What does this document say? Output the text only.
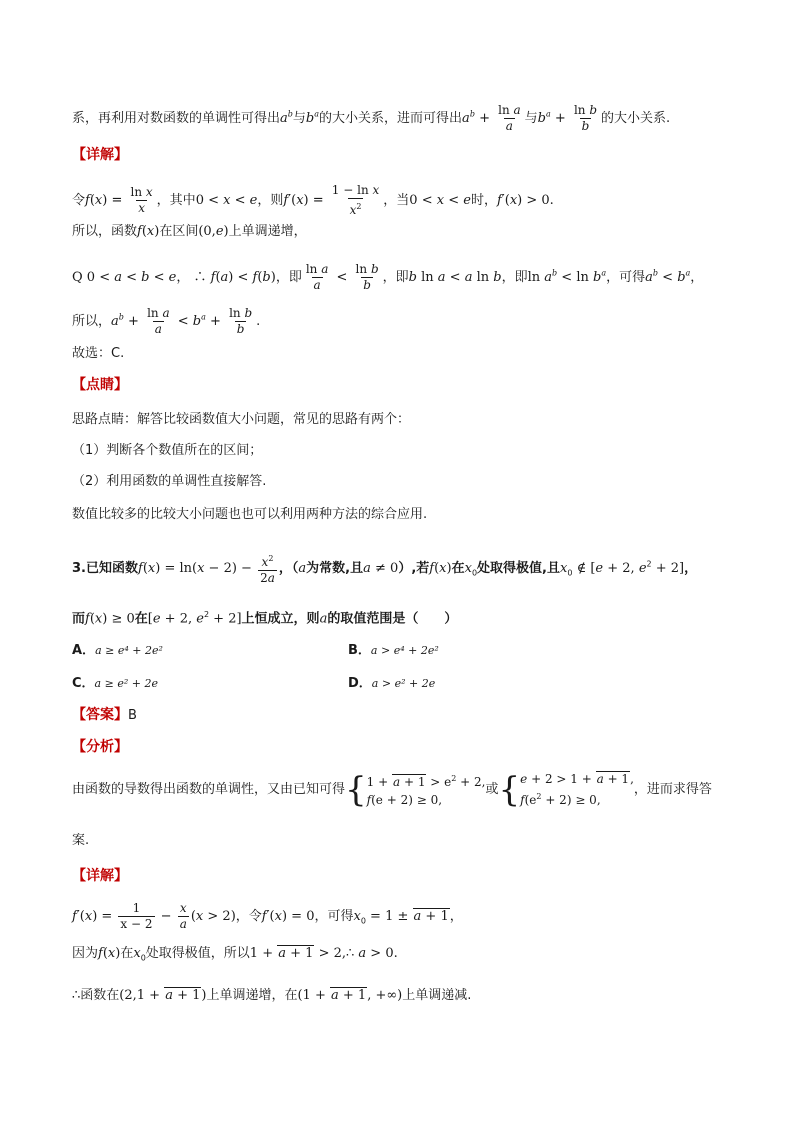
系，再利用对数函数的单调性可得出$a^b$与$b^a$的大小关系，进而可得出$a^b + \frac{\text{ln a}}{a}$ 与$b^a + \frac{\text{ln b}}{b}$ 的大小关系.
【详解】
令$f(x) = \frac{\text{ln x}}{x}$ ，其中0 < x < e，则$f'(x) = \frac{\text{1 − ln x}}{x^2}$ ，当0 < x < e时，f′(x) > 0.
所以，函数f(x)在区间(0,e)上单调递增，
Q 0 < a < b < e， ∴ f(a) < f(b)，即 $\frac{\text{ln a}}{a} < \frac{\text{ln b}}{b}$ ，即b ln a < a ln b，即$\ln a^b < \ln b^a$，可得$a^b < b^a$，
所以，$a^b + \frac{\text{ln a}}{a} < b^a + \frac{\text{ln b}}{b}$ .
故选：C.
【点睛】
思路点睛：解答比较函数值大小问题，常见的思路有两个：
（1）判断各个数值所在的区间；
（2）利用函数的单调性直接解答.
数值比较多的比较大小问题也也可以利用两种方法的综合应用.
3.已知函数$f(x) = \ln(x - 2) - \frac{x^2}{2a}$ ，（a为常数,且a ≠ 0）,若f(x)在$x_0$处取得极值,且$x_0$ ∉ [e + 2, $e^2 + 2$]，
而f(x) ≥ 0在[e + 2, $e^2 + 2$]上恒成立，则a的取值范围是（　　）
A．a ≥ e⁴ + 2e²	B．a > e⁴ + 2e²
C．a ≥ e² + 2e	D．a > e² + 2e
【答案】B
【分析】
由函数的导数得出函数的单调性，又由已知可得 { $1 + a + 1 > e^2 + 2$,
f(e + 2) ≥ 0,
或 { e + 2 > 1 + a + 1,
$f(e^2 + 2) \ge 0$,
，进而求得答
案.
【详解】
$f'(x) = \frac{1}{x - 2} - \frac{x}{a} (x > 2)$，令f′(x) = 0，可得$x_0 = 1 \pm a + 1$，
因为f(x)在$x_0$处取得极值，所以1 + a + 1 > 2,∴ a > 0.
∴函数在(2,1 + a + 1)上单调递增，在(1 + a + 1, +∞)上单调递减.
